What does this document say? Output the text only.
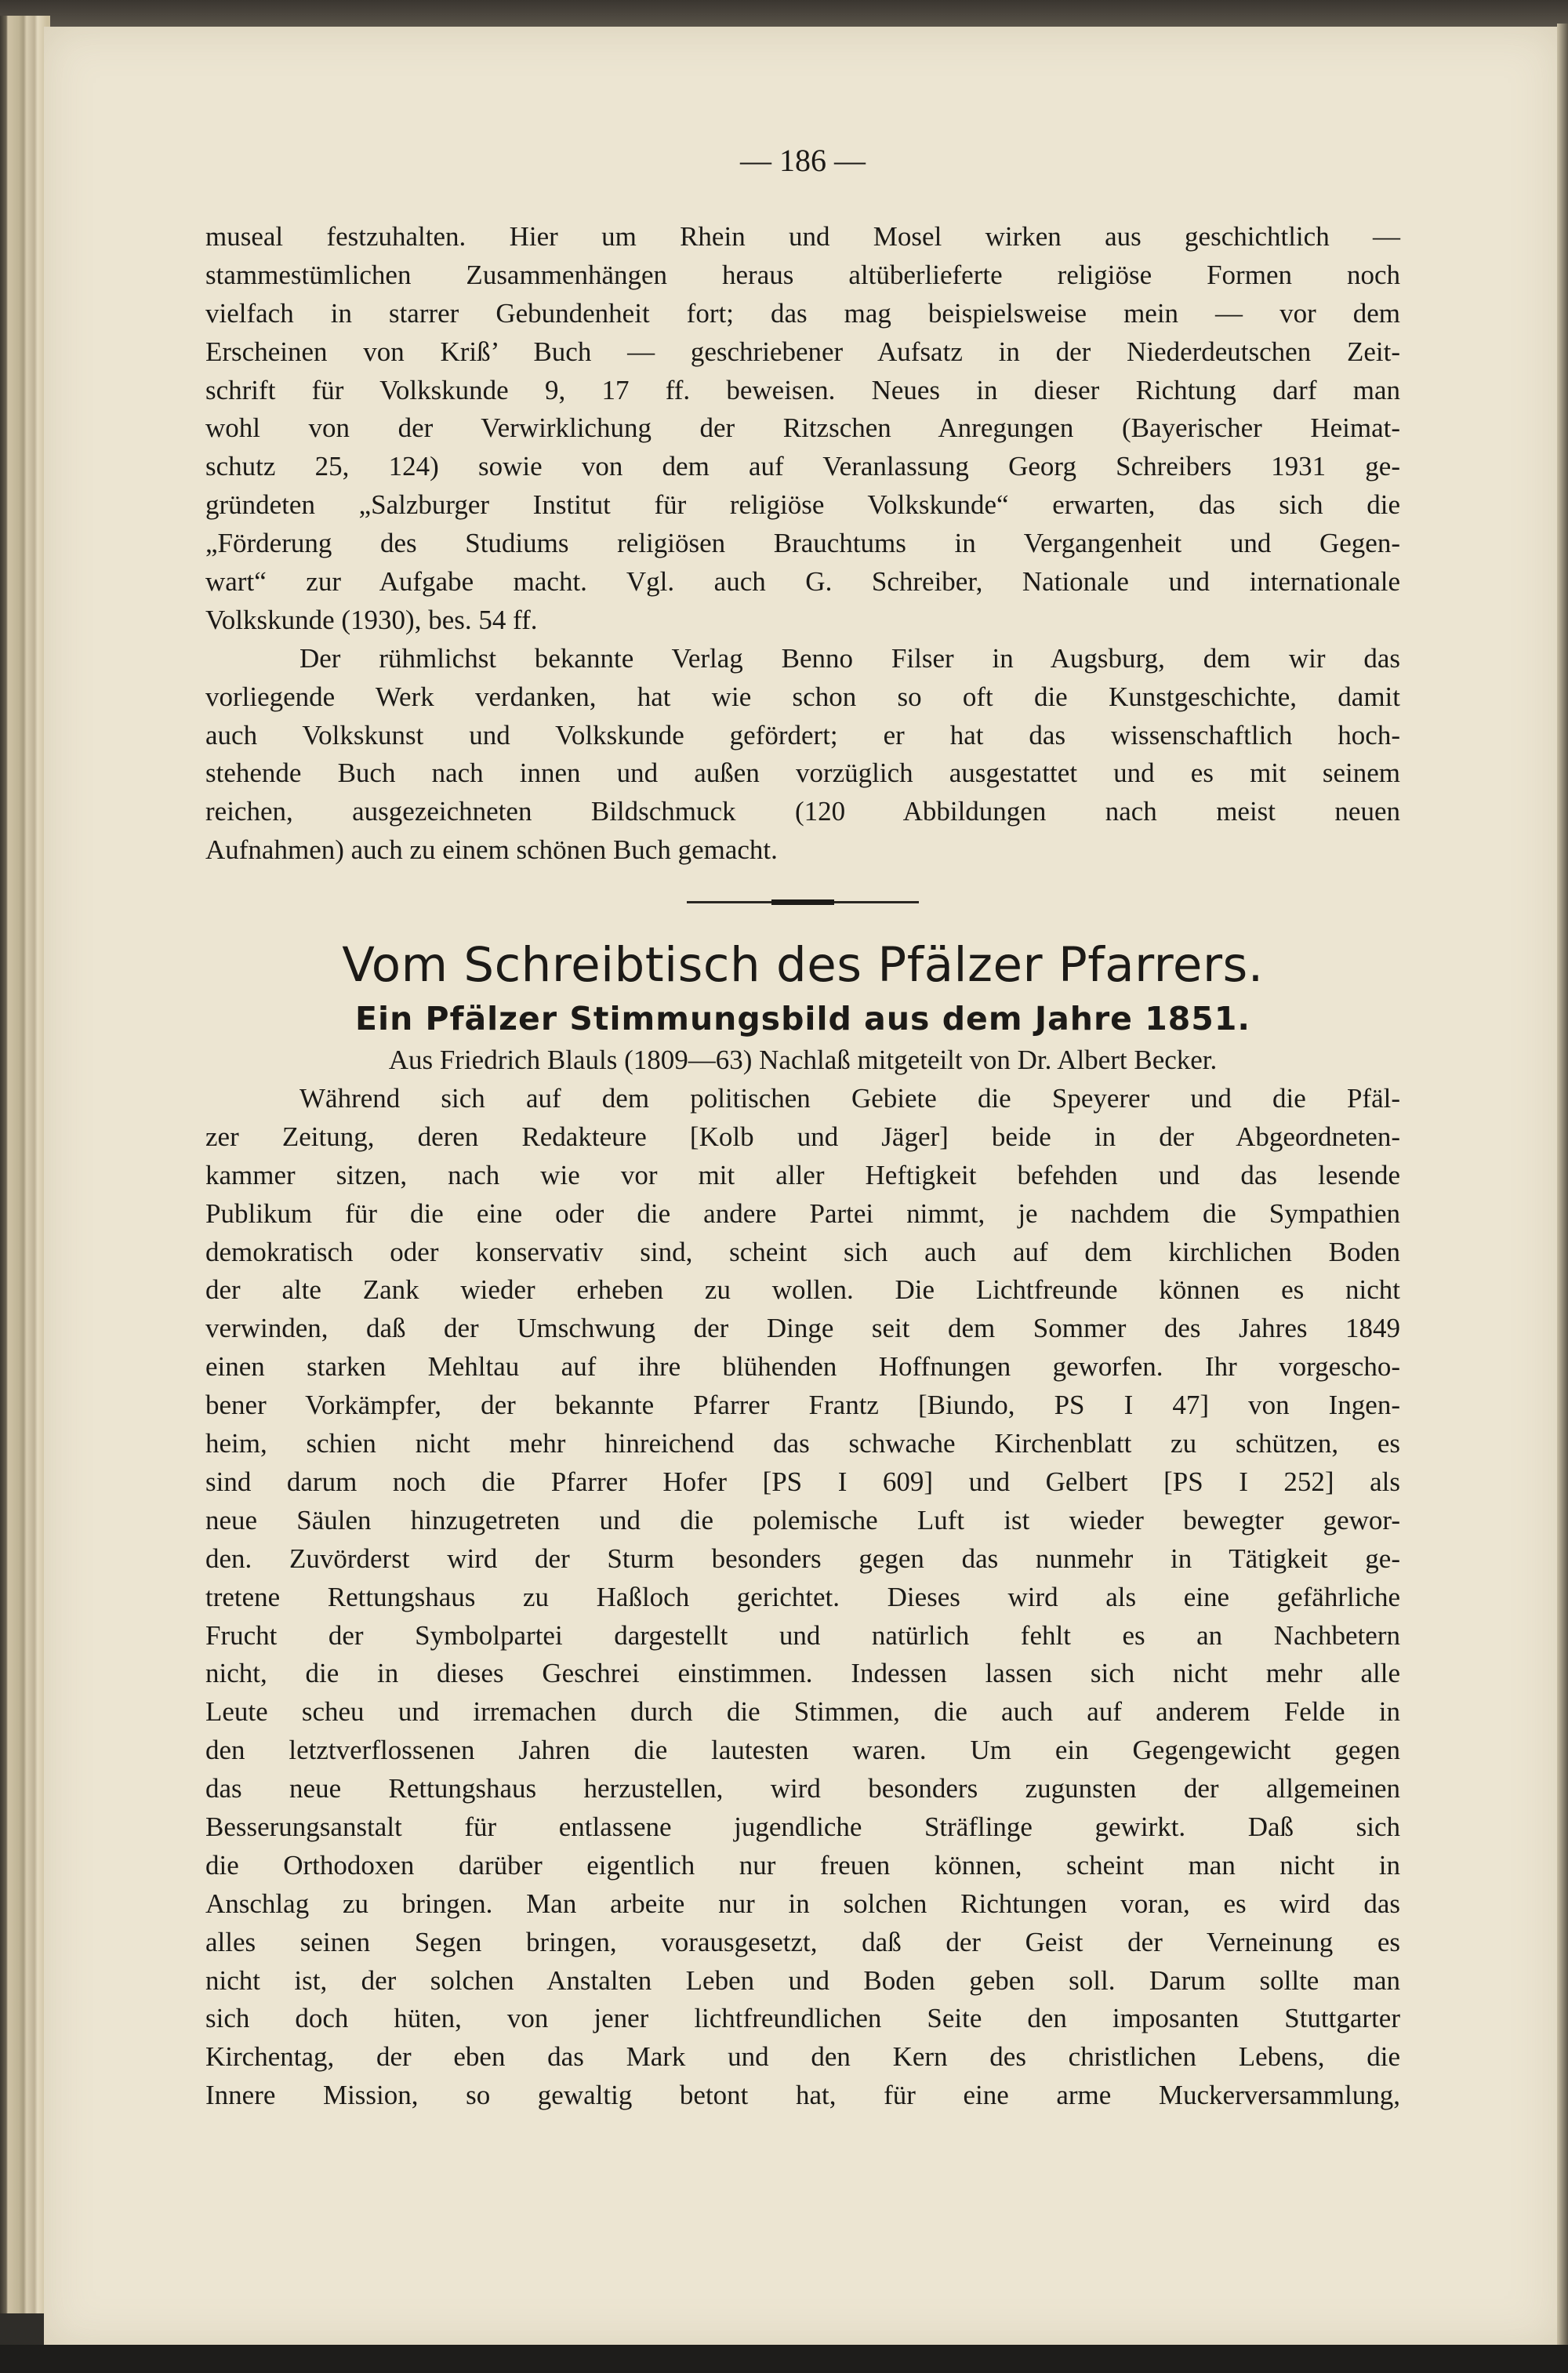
— 186 —
museal festzuhalten. Hier um Rhein und Mosel wirken aus geschichtlich —
stammestümlichen Zusammenhängen heraus altüberlieferte religiöse Formen noch
vielfach in starrer Gebundenheit fort; das mag beispielsweise mein — vor dem
Erscheinen von Kriß’ Buch — geschriebener Aufsatz in der Niederdeutschen Zeit-
schrift für Volkskunde 9, 17 ff. beweisen. Neues in dieser Richtung darf man
wohl von der Verwirklichung der Ritzschen Anregungen (Bayerischer Heimat-
schutz 25, 124) sowie von dem auf Veranlassung Georg Schreibers 1931 ge-
gründeten „Salzburger Institut für religiöse Volkskunde“ erwarten, das sich die
„Förderung des Studiums religiösen Brauchtums in Vergangenheit und Gegen-
wart“ zur Aufgabe macht. Vgl. auch G. Schreiber, Nationale und internationale
Volkskunde (1930), bes. 54 ff.
Der rühmlichst bekannte Verlag Benno Filser in Augsburg, dem wir das
vorliegende Werk verdanken, hat wie schon so oft die Kunstgeschichte, damit
auch Volkskunst und Volkskunde gefördert; er hat das wissenschaftlich hoch-
stehende Buch nach innen und außen vorzüglich ausgestattet und es mit seinem
reichen, ausgezeichneten Bildschmuck (120 Abbildungen nach meist neuen
Aufnahmen) auch zu einem schönen Buch gemacht.
Vom Schreibtisch des Pfälzer Pfarrers.
Ein Pfälzer Stimmungsbild aus dem Jahre 1851.
Aus Friedrich Blauls (1809—63) Nachlaß mitgeteilt von Dr. Albert Becker.
Während sich auf dem politischen Gebiete die Speyerer und die Pfäl-
zer Zeitung, deren Redakteure [Kolb und Jäger] beide in der Abgeordneten-
kammer sitzen, nach wie vor mit aller Heftigkeit befehden und das lesende
Publikum für die eine oder die andere Partei nimmt, je nachdem die Sympathien
demokratisch oder konservativ sind, scheint sich auch auf dem kirchlichen Boden
der alte Zank wieder erheben zu wollen. Die Lichtfreunde können es nicht
verwinden, daß der Umschwung der Dinge seit dem Sommer des Jahres 1849
einen starken Mehltau auf ihre blühenden Hoffnungen geworfen. Ihr vorgescho-
bener Vorkämpfer, der bekannte Pfarrer Frantz [Biundo, PS I 47] von Ingen-
heim, schien nicht mehr hinreichend das schwache Kirchenblatt zu schützen, es
sind darum noch die Pfarrer Hofer [PS I 609] und Gelbert [PS I 252] als
neue Säulen hinzugetreten und die polemische Luft ist wieder bewegter gewor-
den. Zuvörderst wird der Sturm besonders gegen das nunmehr in Tätigkeit ge-
tretene Rettungshaus zu Haßloch gerichtet. Dieses wird als eine gefährliche
Frucht der Symbolpartei dargestellt und natürlich fehlt es an Nachbetern
nicht, die in dieses Geschrei einstimmen. Indessen lassen sich nicht mehr alle
Leute scheu und irremachen durch die Stimmen, die auch auf anderem Felde in
den letztverflossenen Jahren die lautesten waren. Um ein Gegengewicht gegen
das neue Rettungshaus herzustellen, wird besonders zugunsten der allgemeinen
Besserungsanstalt für entlassene jugendliche Sträflinge gewirkt. Daß sich
die Orthodoxen darüber eigentlich nur freuen können, scheint man nicht in
Anschlag zu bringen. Man arbeite nur in solchen Richtungen voran, es wird das
alles seinen Segen bringen, vorausgesetzt, daß der Geist der Verneinung es
nicht ist, der solchen Anstalten Leben und Boden geben soll. Darum sollte man
sich doch hüten, von jener lichtfreundlichen Seite den imposanten Stuttgarter
Kirchentag, der eben das Mark und den Kern des christlichen Lebens, die
Innere Mission, so gewaltig betont hat, für eine arme Muckerversammlung,
